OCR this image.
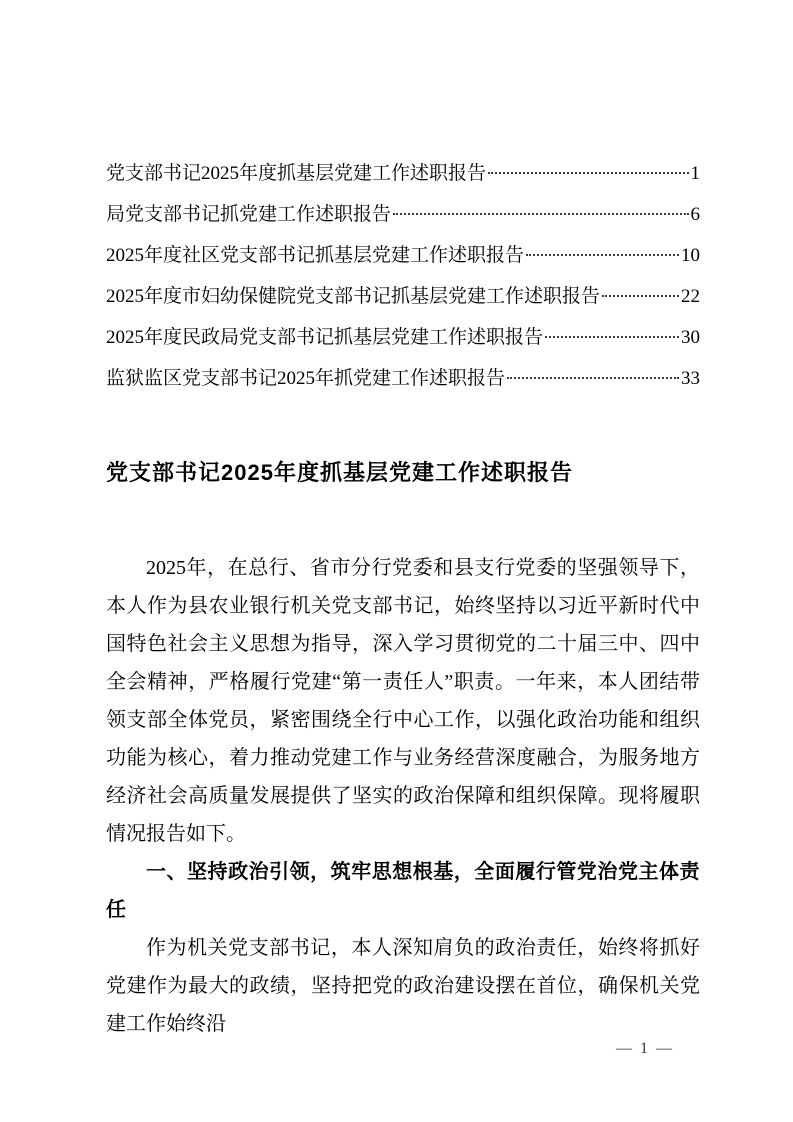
党支部书记2025年度抓基层党建工作述职报告	1
局党支部书记抓党建工作述职报告	6
2025年度社区党支部书记抓基层党建工作述职报告	10
2025年度市妇幼保健院党支部书记抓基层党建工作述职报告	22
2025年度民政局党支部书记抓基层党建工作述职报告	30
监狱监区党支部书记2025年抓党建工作述职报告	33
党支部书记2025年度抓基层党建工作述职报告

2025年，在总行、省市分行党委和县支行党委的坚强领导下，本人作为县农业银行机关党支部书记，始终坚持以习近平新时代中国特色社会主义思想为指导，深入学习贯彻党的二十届三中、四中全会精神，严格履行党建“第一责任人”职责。一年来，本人团结带领支部全体党员，紧密围绕全行中心工作，以强化政治功能和组织功能为核心，着力推动党建工作与业务经营深度融合，为服务地方经济社会高质量发展提供了坚实的政治保障和组织保障。现将履职情况报告如下。

一、坚持政治引领，筑牢思想根基，全面履行管党治党主体责任

作为机关党支部书记，本人深知肩负的政治责任，始终将抓好党建作为最大的政绩，坚持把党的政治建设摆在首位，确保机关党建工作始终沿

— 1 —
